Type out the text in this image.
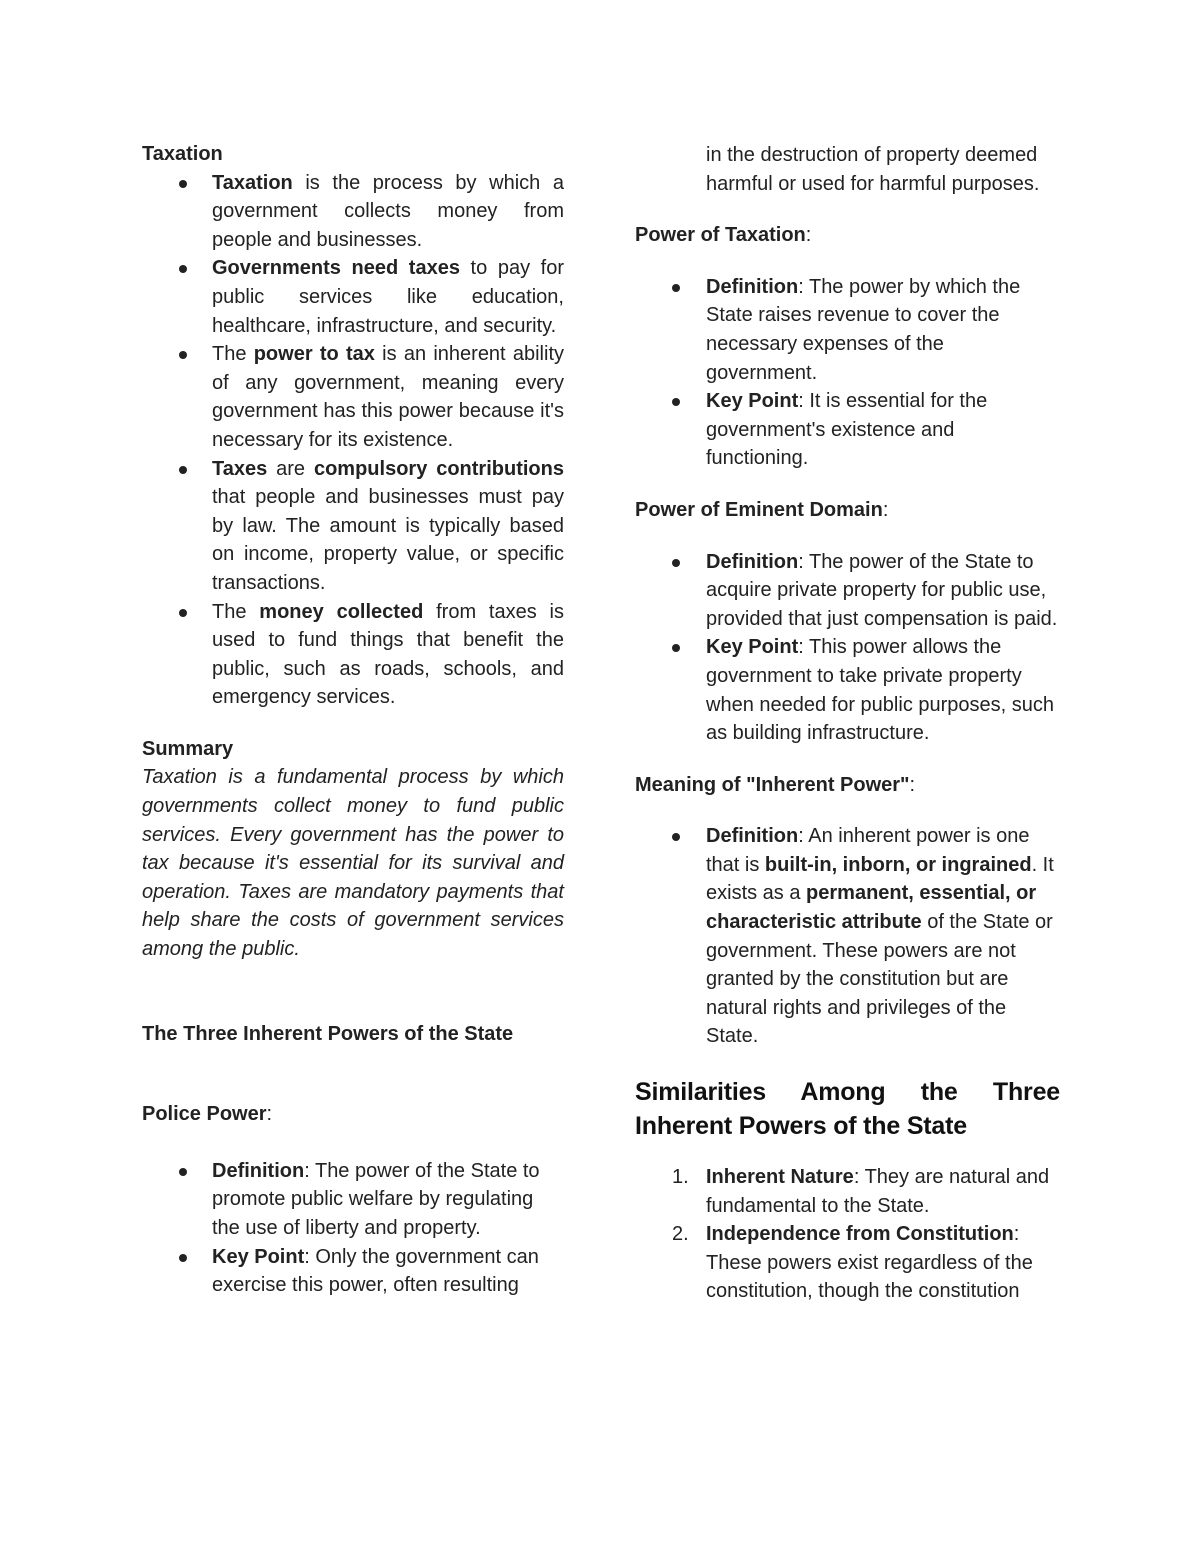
Taxation

Taxation is the process by which a government collects money from people and businesses.
Governments need taxes to pay for public services like education, healthcare, infrastructure, and security.
The power to tax is an inherent ability of any government, meaning every government has this power because it's necessary for its existence.
Taxes are compulsory contributions that people and businesses must pay by law. The amount is typically based on income, property value, or specific transactions.
The money collected from taxes is used to fund things that benefit the public, such as roads, schools, and emergency services.

Summary

Taxation is a fundamental process by which governments collect money to fund public services. Every government has the power to tax because it's essential for its survival and operation. Taxes are mandatory payments that help share the costs of government services among the public.

The Three Inherent Powers of the State

Police Power:

Definition: The power of the State to promote public welfare by regulating the use of liberty and property.
Key Point: Only the government can exercise this power, often resulting

in the destruction of property deemed harmful or used for harmful purposes.

Power of Taxation:

Definition: The power by which the State raises revenue to cover the necessary expenses of the government.
Key Point: It is essential for the government's existence and functioning.

Power of Eminent Domain:

Definition: The power of the State to acquire private property for public use, provided that just compensation is paid.
Key Point: This power allows the government to take private property when needed for public purposes, such as building infrastructure.

Meaning of "Inherent Power":

Definition: An inherent power is one that is built-in, inborn, or ingrained. It exists as a permanent, essential, or characteristic attribute of the State or government. These powers are not granted by the constitution but are natural rights and privileges of the State.

Similarities Among the Three Inherent Powers of the State

1. Inherent Nature: They are natural and fundamental to the State.
2. Independence from Constitution: These powers exist regardless of the constitution, though the constitution
